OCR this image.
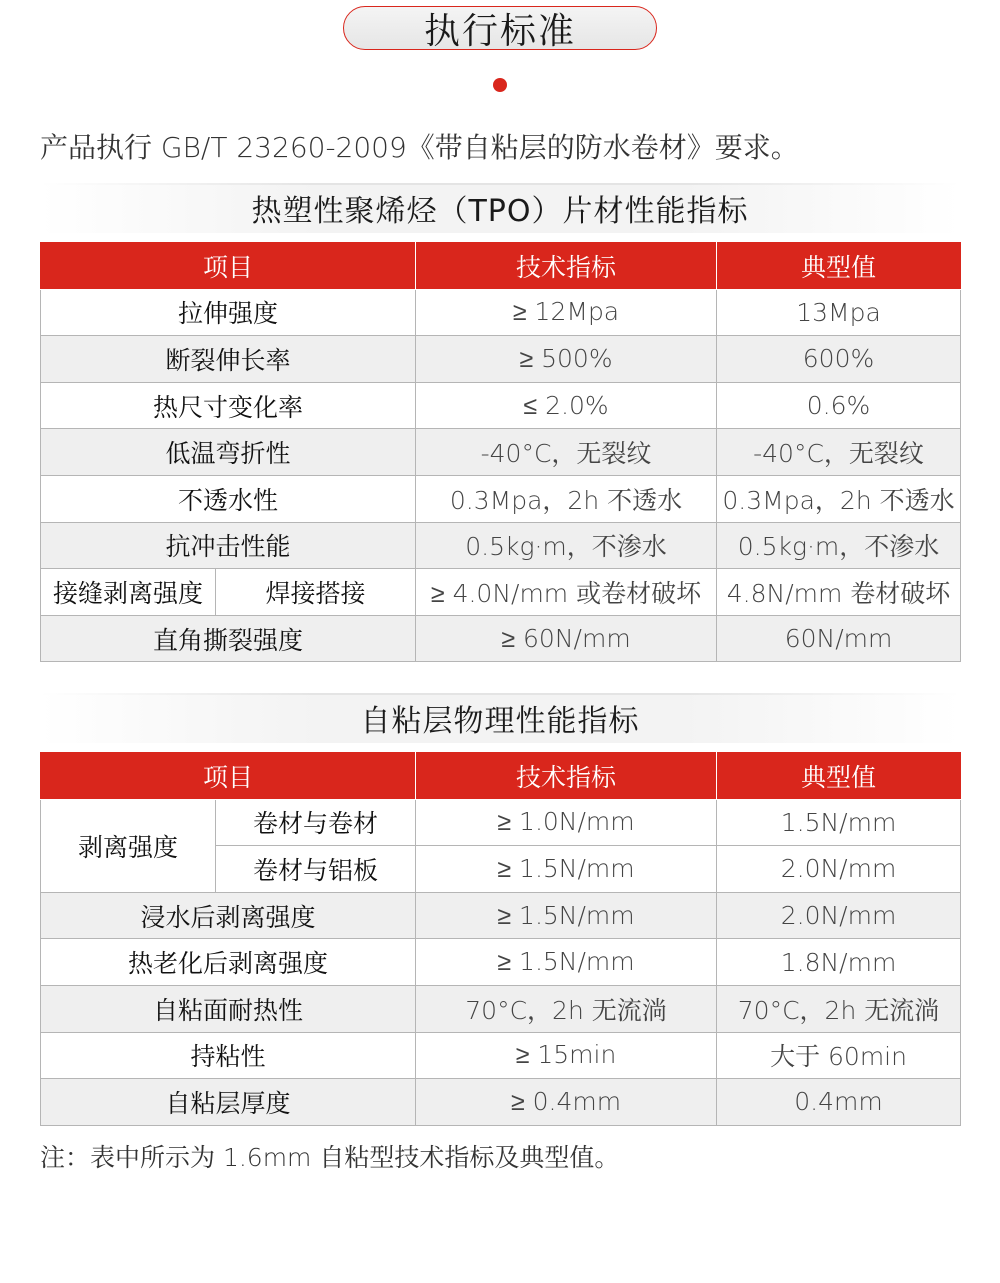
执行标准
产品执行 GB/T 23260-2009《带自粘层的防水卷材》要求。
热塑性聚烯烃（TPO）片材性能指标
项目		技术指标	典型值
拉伸强度		≥ 12Mpa	13Mpa
断裂伸长率		≥ 500%	600%
热尺寸变化率		≤ 2.0%	0.6%
低温弯折性		-40°C，无裂纹	-40°C，无裂纹
不透水性		0.3Mpa，2h 不透水	0.3Mpa，2h 不透水
抗冲击性能		0.5kg·m，不渗水	0.5kg·m，不渗水
接缝剥离强度	焊接搭接	≥ 4.0N/mm 或卷材破坏	4.8N/mm 卷材破坏
直角撕裂强度		≥ 60N/mm	60N/mm
自粘层物理性能指标
项目		技术指标	典型值
剥离强度	卷材与卷材	≥ 1.0N/mm	1.5N/mm
	卷材与铝板	≥ 1.5N/mm	2.0N/mm
浸水后剥离强度		≥ 1.5N/mm	2.0N/mm
热老化后剥离强度		≥ 1.5N/mm	1.8N/mm
自粘面耐热性		70°C，2h 无流淌	70°C，2h 无流淌
持粘性		≥ 15min	大于 60min
自粘层厚度		≥ 0.4mm	0.4mm
注：表中所示为 1.6mm 自粘型技术指标及典型值。
